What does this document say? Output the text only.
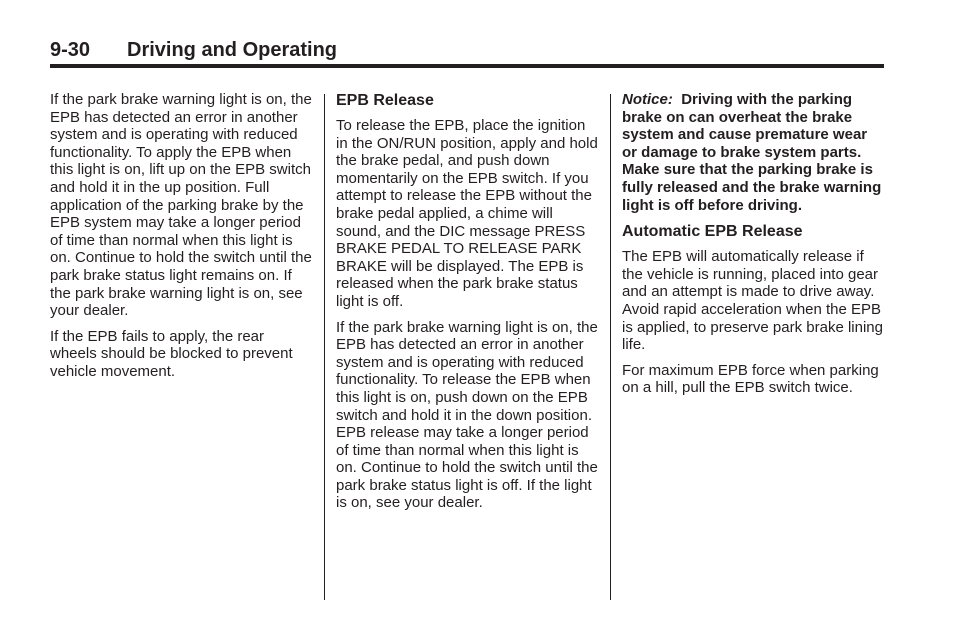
9-30 Driving and Operating

If the park brake warning light is on, the EPB has detected an error in another system and is operating with reduced functionality. To apply the EPB when this light is on, lift up on the EPB switch and hold it in the up position. Full application of the parking brake by the EPB system may take a longer period of time than normal when this light is on. Continue to hold the switch until the park brake status light remains on. If the park brake warning light is on, see your dealer.

If the EPB fails to apply, the rear wheels should be blocked to prevent vehicle movement.

EPB Release

To release the EPB, place the ignition in the ON/RUN position, apply and hold the brake pedal, and push down momentarily on the EPB switch. If you attempt to release the EPB without the brake pedal applied, a chime will sound, and the DIC message PRESS BRAKE PEDAL TO RELEASE PARK BRAKE will be displayed. The EPB is released when the park brake status light is off.

If the park brake warning light is on, the EPB has detected an error in another system and is operating with reduced functionality. To release the EPB when this light is on, push down on the EPB switch and hold it in the down position. EPB release may take a longer period of time than normal when this light is on. Continue to hold the switch until the park brake status light is off. If the light is on, see your dealer.

Notice: Driving with the parking brake on can overheat the brake system and cause premature wear or damage to brake system parts. Make sure that the parking brake is fully released and the brake warning light is off before driving.

Automatic EPB Release

The EPB will automatically release if the vehicle is running, placed into gear and an attempt is made to drive away. Avoid rapid acceleration when the EPB is applied, to preserve park brake lining life.

For maximum EPB force when parking on a hill, pull the EPB switch twice.
